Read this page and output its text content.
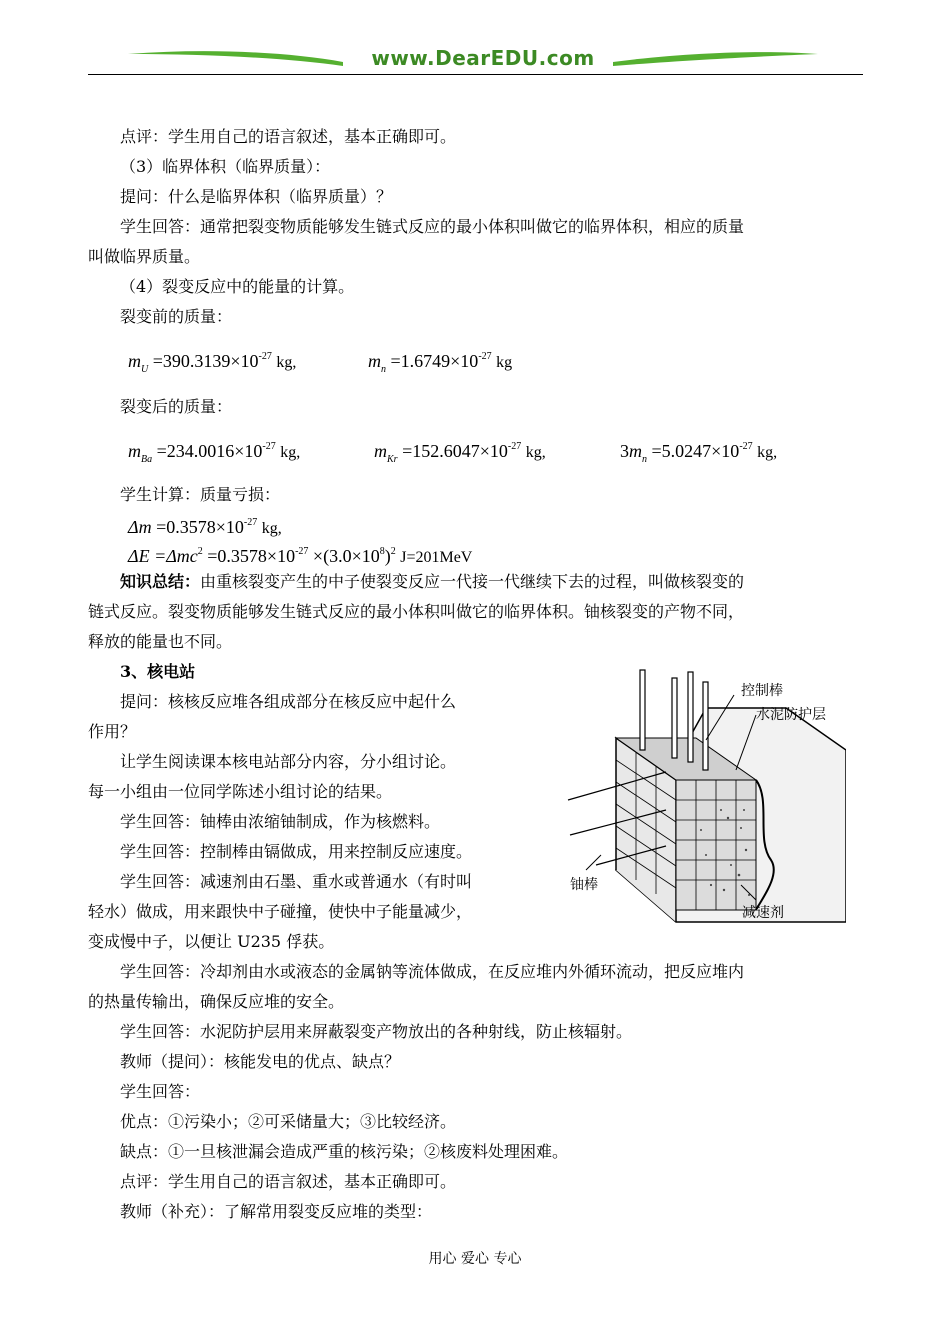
www.DearEDU.com
点评：学生用自己的语言叙述，基本正确即可。
（3）临界体积（临界质量）：
提问：什么是临界体积（临界质量）？
学生回答：通常把裂变物质能够发生链式反应的最小体积叫做它的临界体积，相应的质量
叫做临界质量。
（4）裂变反应中的能量的计算。
裂变前的质量：
$m_U =390.3139\times 10^{-27}$ kg,	$m_n =1.6749\times 10^{-27}$ kg
裂变后的质量：
$m_{Ba} =234.0016\times 10^{-27}$ kg,	$m_{Kr} =152.6047\times 10^{-27}$ kg,	$3m_n =5.0247\times 10^{-27}$ kg,
学生计算：质量亏损：
$\Delta m =0.3578\times 10^{-27}$ kg,
$\Delta E =\Delta mc^2 =0.3578\times 10^{-27} \times(3.0\times 10^8)^2$ J=201MeV
知识总结：由重核裂变产生的中子使裂变反应一代接一代继续下去的过程，叫做核裂变的
链式反应。裂变物质能够发生链式反应的最小体积叫做它的临界体积。铀核裂变的产物不同，
释放的能量也不同。
3、核电站
提问：核核反应堆各组成部分在核反应中起什么
作用？
让学生阅读课本核电站部分内容，分小组讨论。
每一小组由一位同学陈述小组讨论的结果。
学生回答：铀棒由浓缩铀制成，作为核燃料。
学生回答：控制棒由镉做成，用来控制反应速度。
学生回答：减速剂由石墨、重水或普通水（有时叫
轻水）做成，用来跟快中子碰撞，使快中子能量减少，
变成慢中子，以便让 U235 俘获。
学生回答：冷却剂由水或液态的金属钠等流体做成，在反应堆内外循环流动，把反应堆内
的热量传输出，确保反应堆的安全。
学生回答：水泥防护层用来屏蔽裂变产物放出的各种射线，防止核辐射。
教师（提问）：核能发电的优点、缺点？
学生回答：
优点：①污染小；②可采储量大；③比较经济。
缺点：①一旦核泄漏会造成严重的核污染；②核废料处理困难。
点评：学生用自己的语言叙述，基本正确即可。
教师（补充）：了解常用裂变反应堆的类型：
控制棒
水泥防护层
铀棒
减速剂
用心 爱心 专心
